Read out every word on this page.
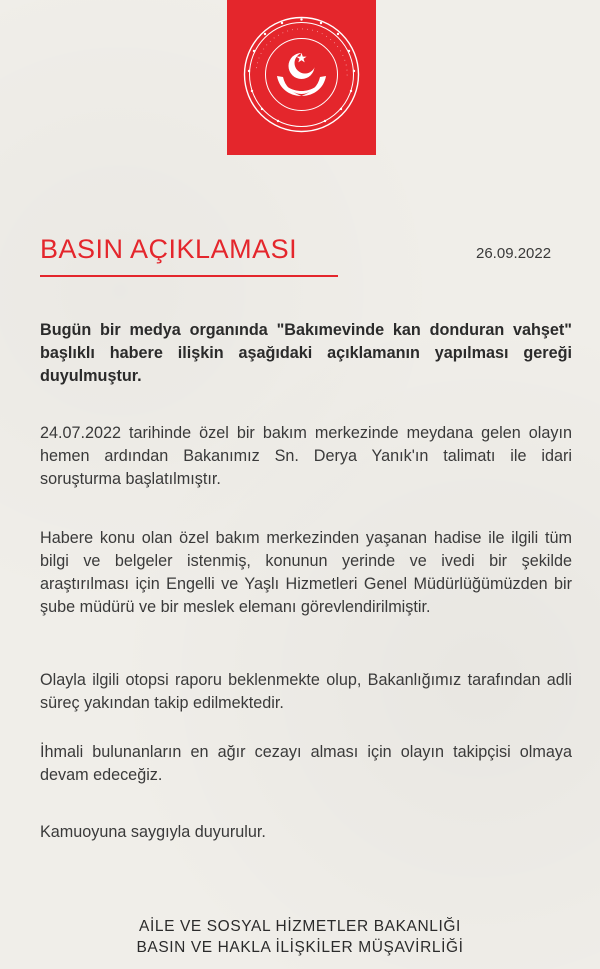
· · · · · · · · · · · · · · · · · · · · · · · · · · · ·
BASIN AÇIKLAMASI	26.09.2022

Bugün bir medya organında "Bakımevinde kan donduran vahşet" başlıklı habere ilişkin aşağıdaki açıklamanın yapılması gereği duyulmuştur.

24.07.2022 tarihinde özel bir bakım merkezinde meydana gelen olayın hemen ardından Bakanımız Sn. Derya Yanık'ın talimatı ile idari soruşturma başlatılmıştır.

Habere konu olan özel bakım merkezinden yaşanan hadise ile ilgili tüm bilgi ve belgeler istenmiş, konunun yerinde ve ivedi bir şekilde araştırılması için Engelli ve Yaşlı Hizmetleri Genel Müdürlüğümüzden bir şube müdürü ve bir meslek elemanı görevlendirilmiştir.

Olayla ilgili otopsi raporu beklenmekte olup, Bakanlığımız tarafından adli süreç yakından takip edilmektedir.

İhmali bulunanların en ağır cezayı alması için olayın takipçisi olmaya devam edeceğiz.

Kamuoyuna saygıyla duyurulur.

AİLE VE SOSYAL HİZMETLER BAKANLIĞI
BASIN VE HAKLA İLİŞKİLER MÜŞAVİRLİĞİ
